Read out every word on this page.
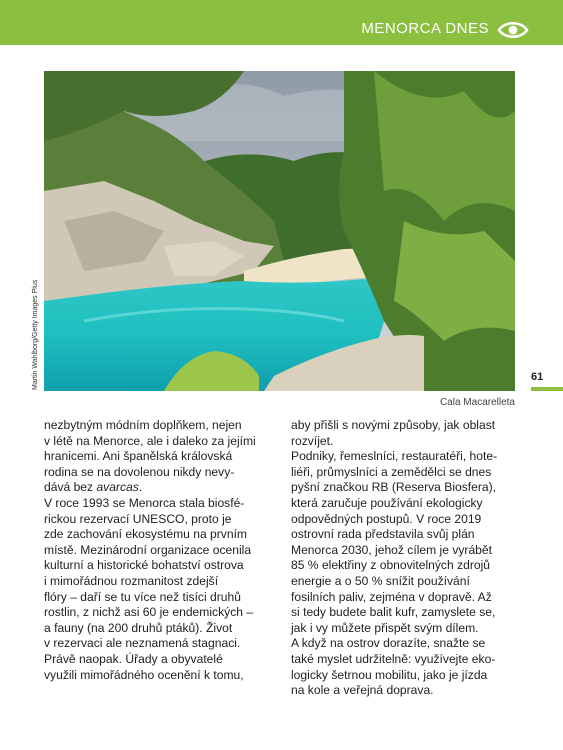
MENORCA DNES
Martin Wahlborg/Getty Images Plus
Cala Macarelleta
61
nezbytným módním doplňkem, nejen
v létě na Menorce, ale i daleko za jejími
hranicemi. Ani španělská královská
rodina se na dovolenou nikdy nevy-
dává bez avarcas.
V roce 1993 se Menorca stala biosfé-
rickou rezervací UNESCO, proto je
zde zachování ekosystému na prvním
místě. Mezinárodní organizace ocenila
kulturní a historické bohatství ostrova
i mimořádnou rozmanitost zdejší
flóry – daří se tu více než tisíci druhů
rostlin, z nichž asi 60 je endemických –
a fauny (na 200 druhů ptáků). Život
v rezervaci ale neznamená stagnaci.
Právě naopak. Úřady a obyvatelé
využili mimořádného ocenění k tomu,
aby přišli s novými způsoby, jak oblast
rozvíjet.
Podniky, řemeslníci, restauratéři, hote-
liéři, průmyslníci a zemědělci se dnes
pyšní značkou RB (Reserva Biosfera),
která zaručuje používání ekologicky
odpovědných postupů. V roce 2019
ostrovní rada představila svůj plán
Menorca 2030, jehož cílem je vyrábět
85 % elektřiny z obnovitelných zdrojů
energie a o 50 % snížit používání
fosilních paliv, zejména v dopravě. Až
si tedy budete balit kufr, zamyslete se,
jak i vy můžete přispět svým dílem.
A když na ostrov dorazíte, snažte se
také myslet udržitelně: využívejte eko-
logicky šetrnou mobilitu, jako je jízda
na kole a veřejná doprava.
